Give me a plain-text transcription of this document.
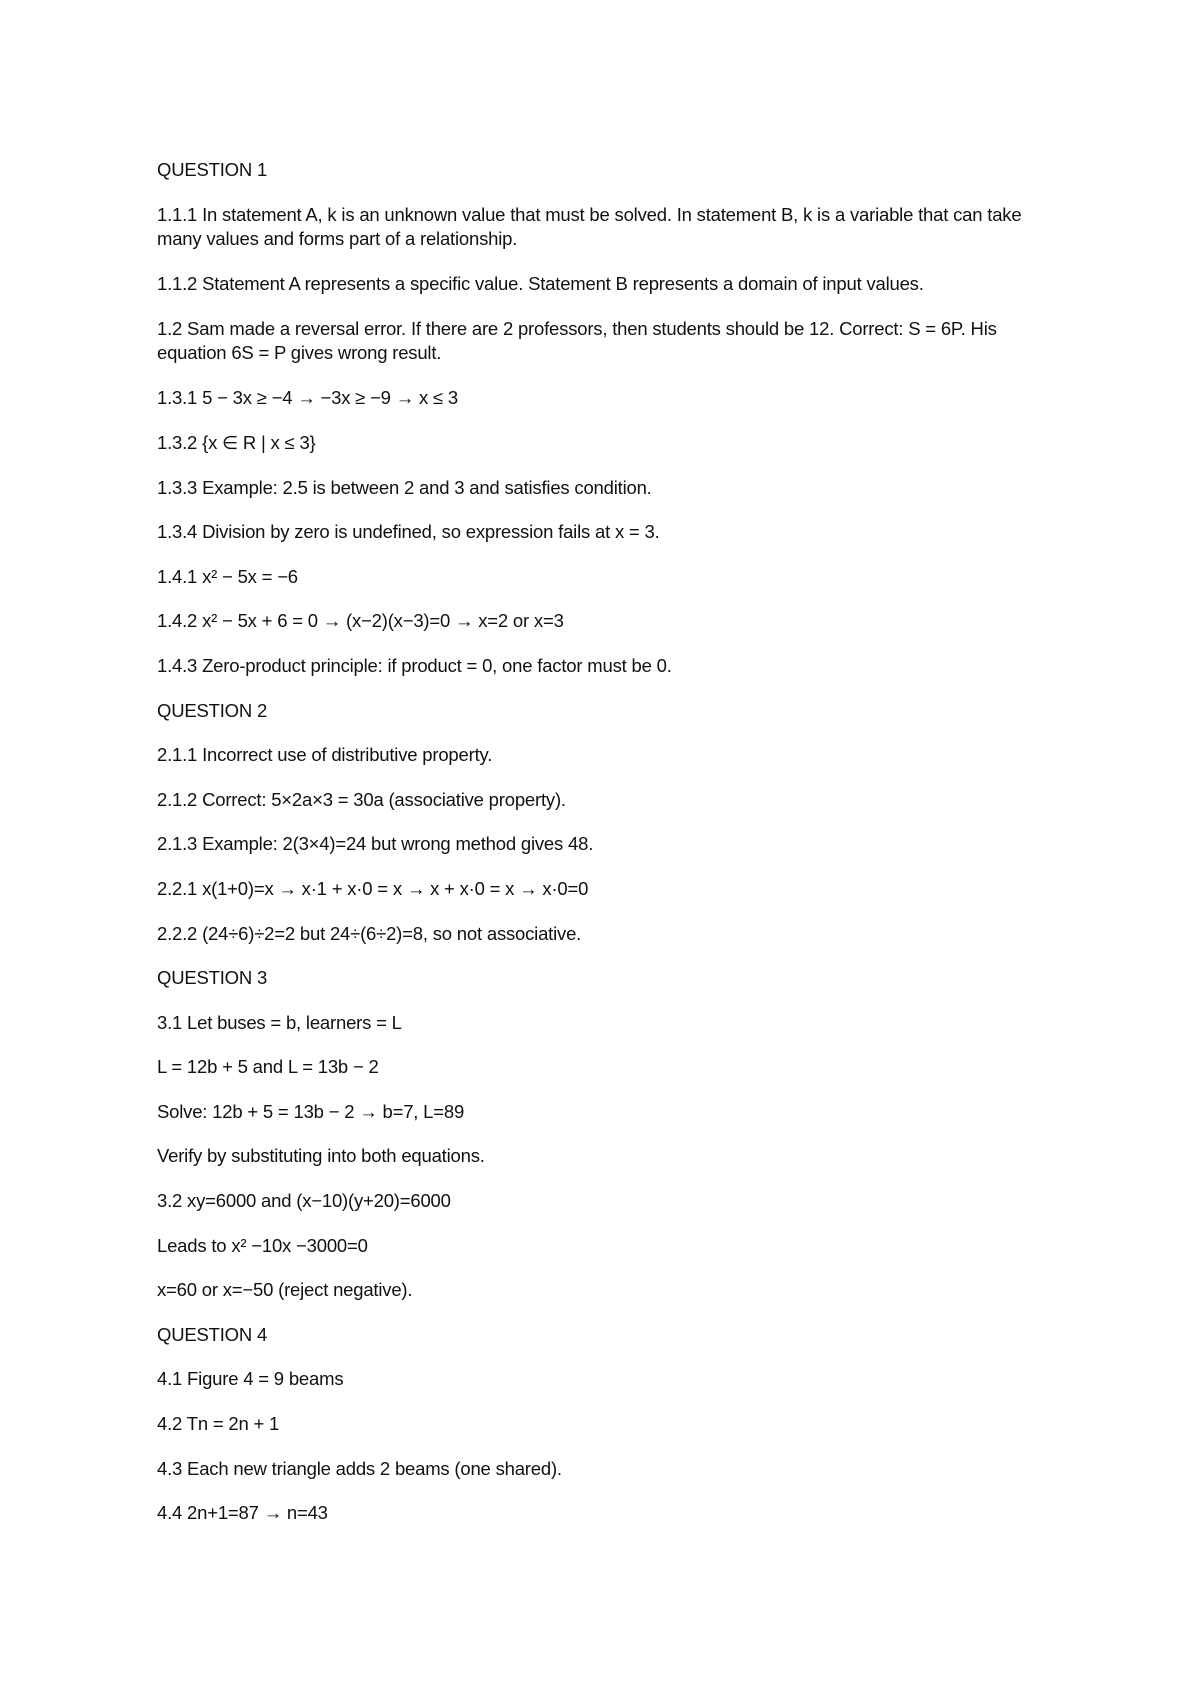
QUESTION 1

1.1.1 In statement A, k is an unknown value that must be solved. In statement B, k is a variable that can take many values and forms part of a relationship.

1.1.2 Statement A represents a specific value. Statement B represents a domain of input values.

1.2 Sam made a reversal error. If there are 2 professors, then students should be 12. Correct: S = 6P. His equation 6S = P gives wrong result.

1.3.1 5 − 3x ≥ −4 → −3x ≥ −9 → x ≤ 3

1.3.2 {x ∈ R | x ≤ 3}

1.3.3 Example: 2.5 is between 2 and 3 and satisfies condition.

1.3.4 Division by zero is undefined, so expression fails at x = 3.

1.4.1 x² − 5x = −6

1.4.2 x² − 5x + 6 = 0 → (x−2)(x−3)=0 → x=2 or x=3

1.4.3 Zero-product principle: if product = 0, one factor must be 0.

QUESTION 2

2.1.1 Incorrect use of distributive property.

2.1.2 Correct: 5×2a×3 = 30a (associative property).

2.1.3 Example: 2(3×4)=24 but wrong method gives 48.

2.2.1 x(1+0)=x → x·1 + x·0 = x → x + x·0 = x → x·0=0

2.2.2 (24÷6)÷2=2 but 24÷(6÷2)=8, so not associative.

QUESTION 3

3.1 Let buses = b, learners = L

L = 12b + 5 and L = 13b − 2

Solve: 12b + 5 = 13b − 2 → b=7, L=89

Verify by substituting into both equations.

3.2 xy=6000 and (x−10)(y+20)=6000

Leads to x² −10x −3000=0

x=60 or x=−50 (reject negative).

QUESTION 4

4.1 Figure 4 = 9 beams

4.2 Tn = 2n + 1

4.3 Each new triangle adds 2 beams (one shared).

4.4 2n+1=87 → n=43
